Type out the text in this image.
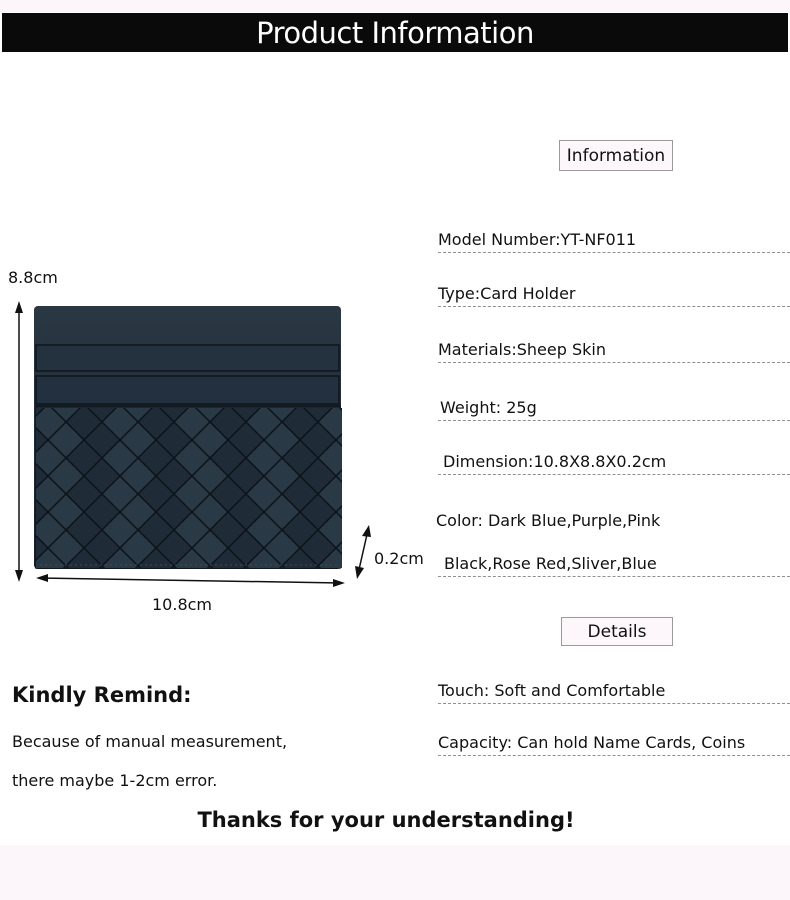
Product Information
8.8cm
10.8cm
0.2cm
Information
Model Number:YT-NF011
Type:Card Holder
Materials:Sheep Skin
Weight: 25g
Dimension:10.8X8.8X0.2cm
Color: Dark Blue,Purple,Pink
Black,Rose Red,Sliver,Blue
Details
Touch: Soft and Comfortable
Capacity: Can hold Name Cards, Coins
Kindly Remind:
Because of manual measurement,
there maybe 1-2cm error.
Thanks for your understanding!
